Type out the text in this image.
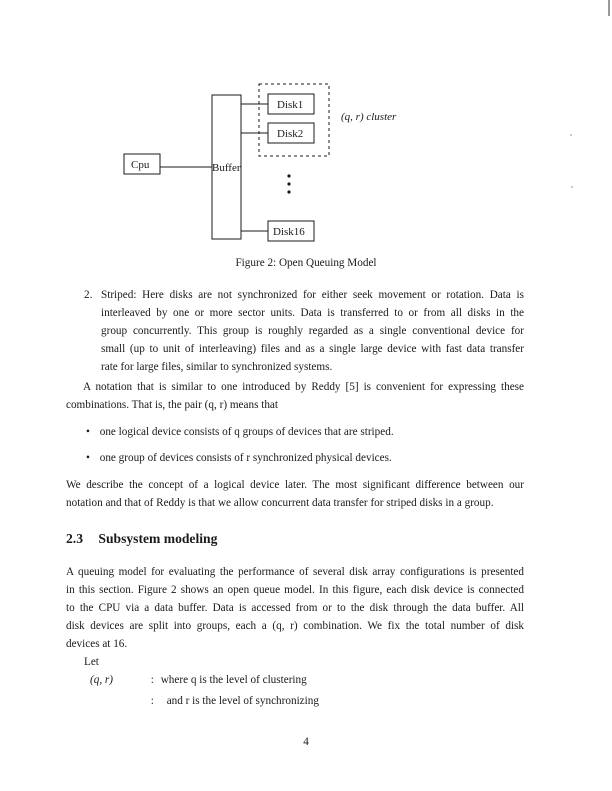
Cpu	Buffer
Disk1
Disk2
Disk16
(q, r) cluster
Figure 2: Open Queuing Model
2. Striped: Here disks are not synchronized for either seek movement or rotation. Data is
interleaved by one or more sector units. Data is transferred to or from all disks in the
group concurrently. This group is roughly regarded as a single conventional device for
small (up to unit of interleaving) files and as a single large device with fast data transfer
rate for large files, similar to synchronized systems.
A notation that is similar to one introduced by Reddy [5] is convenient for expressing these
combinations. That is, the pair (q, r) means that
• one logical device consists of q groups of devices that are striped.
• one group of devices consists of r synchronized physical devices.
We describe the concept of a logical device later. The most significant difference between our
notation and that of Reddy is that we allow concurrent data transfer for striped disks in a group.
2.3 Subsystem modeling
A queuing model for evaluating the performance of several disk array configurations is presented
in this section. Figure 2 shows an open queue model. In this figure, each disk device is connected
to the CPU via a data buffer. Data is accessed from or to the disk through the data buffer. All
disk devices are split into groups, each a (q, r) combination. We fix the total number of disk
devices at 16.
Let
(q, r)	: where q is the level of clustering
: and r is the level of synchronizing
4
